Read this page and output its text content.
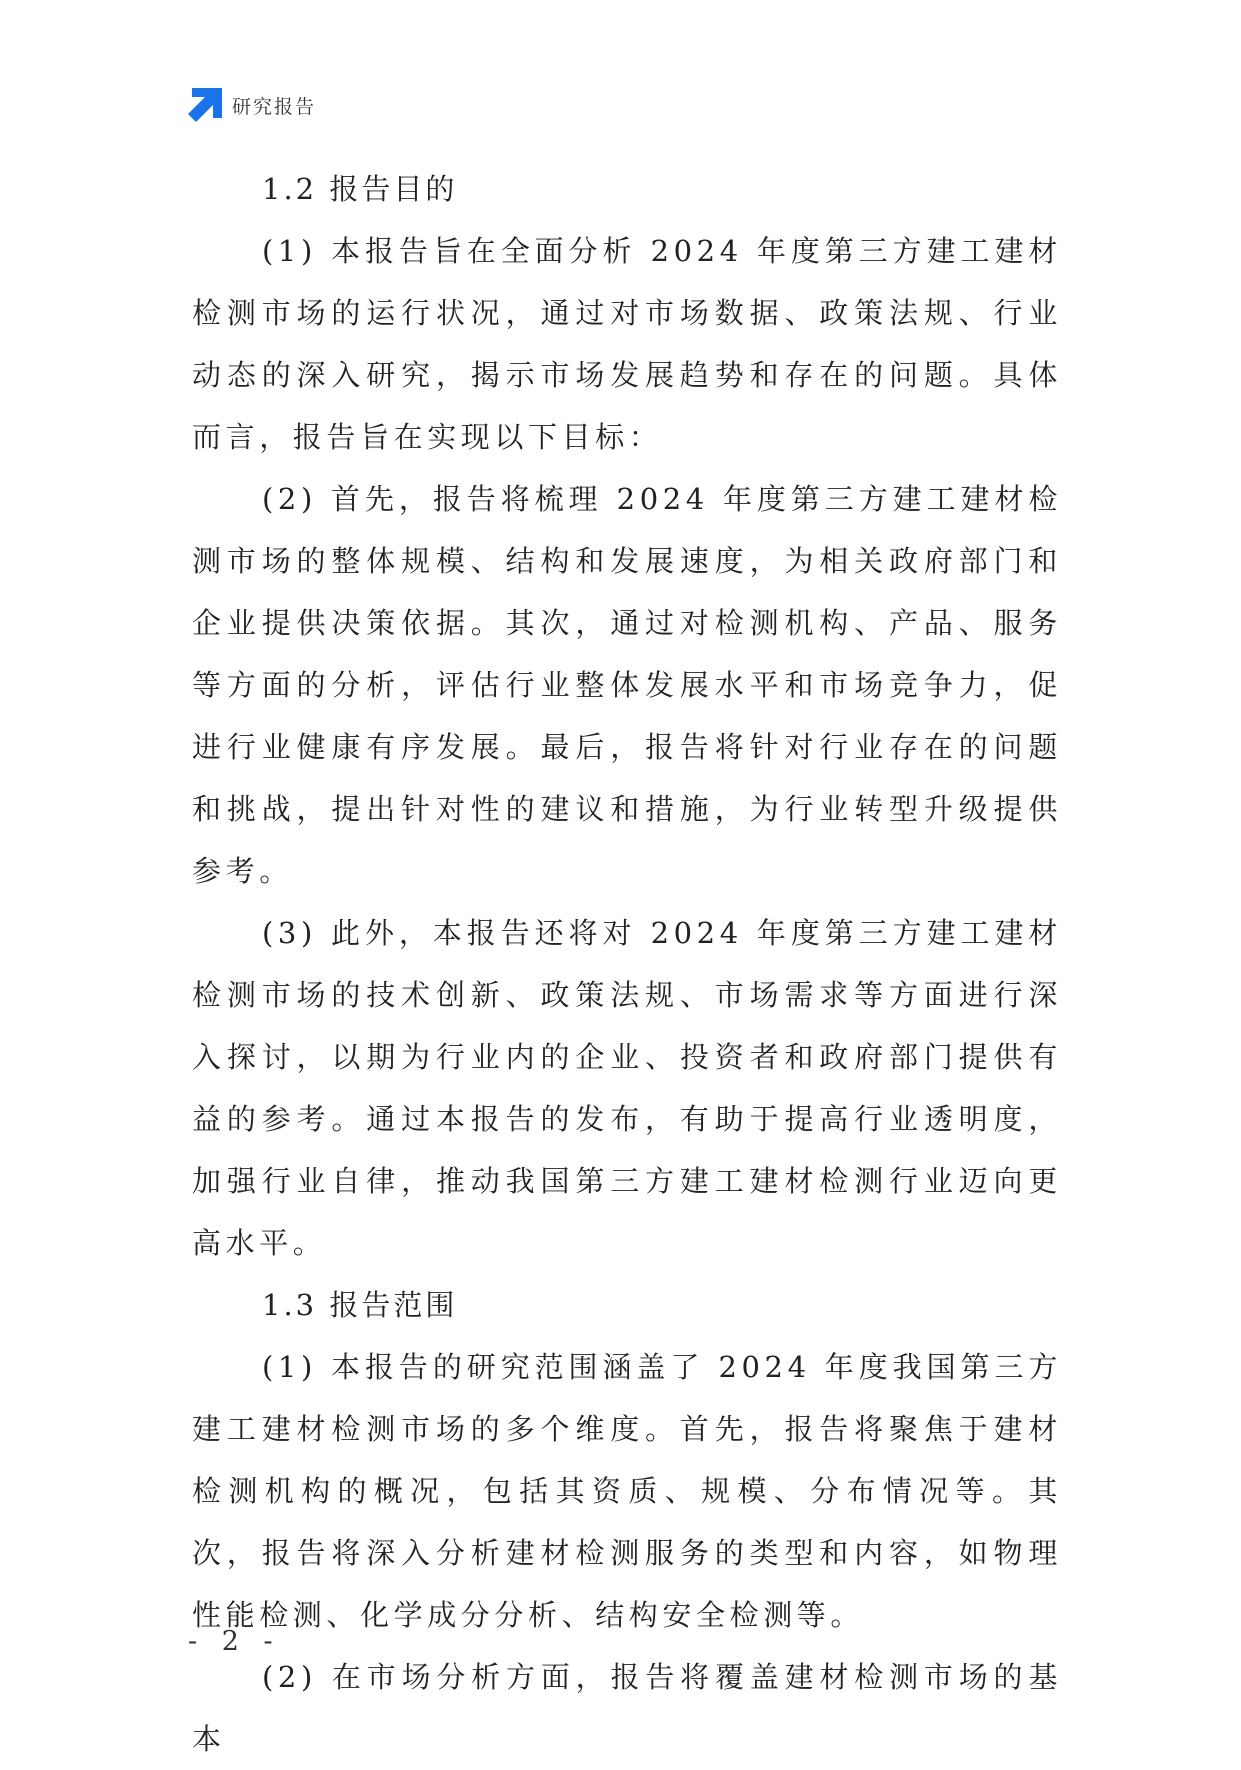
研究报告
1.2 报告目的

(1) 本报告旨在全面分析 2024 年度第三方建工建材检测市场的运行状况，通过对市场数据、政策法规、行业动态的深入研究，揭示市场发展趋势和存在的问题。具体而言，报告旨在实现以下目标：

(2) 首先，报告将梳理 2024 年度第三方建工建材检测市场的整体规模、结构和发展速度，为相关政府部门和企业提供决策依据。其次，通过对检测机构、产品、服务等方面的分析，评估行业整体发展水平和市场竞争力，促进行业健康有序发展。最后，报告将针对行业存在的问题和挑战，提出针对性的建议和措施，为行业转型升级提供参考。

(3) 此外，本报告还将对 2024 年度第三方建工建材检测市场的技术创新、政策法规、市场需求等方面进行深入探讨，以期为行业内的企业、投资者和政府部门提供有益的参考。通过本报告的发布，有助于提高行业透明度，加强行业自律，推动我国第三方建工建材检测行业迈向更高水平。

1.3 报告范围

(1) 本报告的研究范围涵盖了 2024 年度我国第三方建工建材检测市场的多个维度。首先，报告将聚焦于建材检测机构的概况，包括其资质、规模、分布情况等。其次，报告将深入分析建材检测服务的类型和内容，如物理性能检测、化学成分分析、结构安全检测等。

(2) 在市场分析方面，报告将覆盖建材检测市场的基本

- 2 -
